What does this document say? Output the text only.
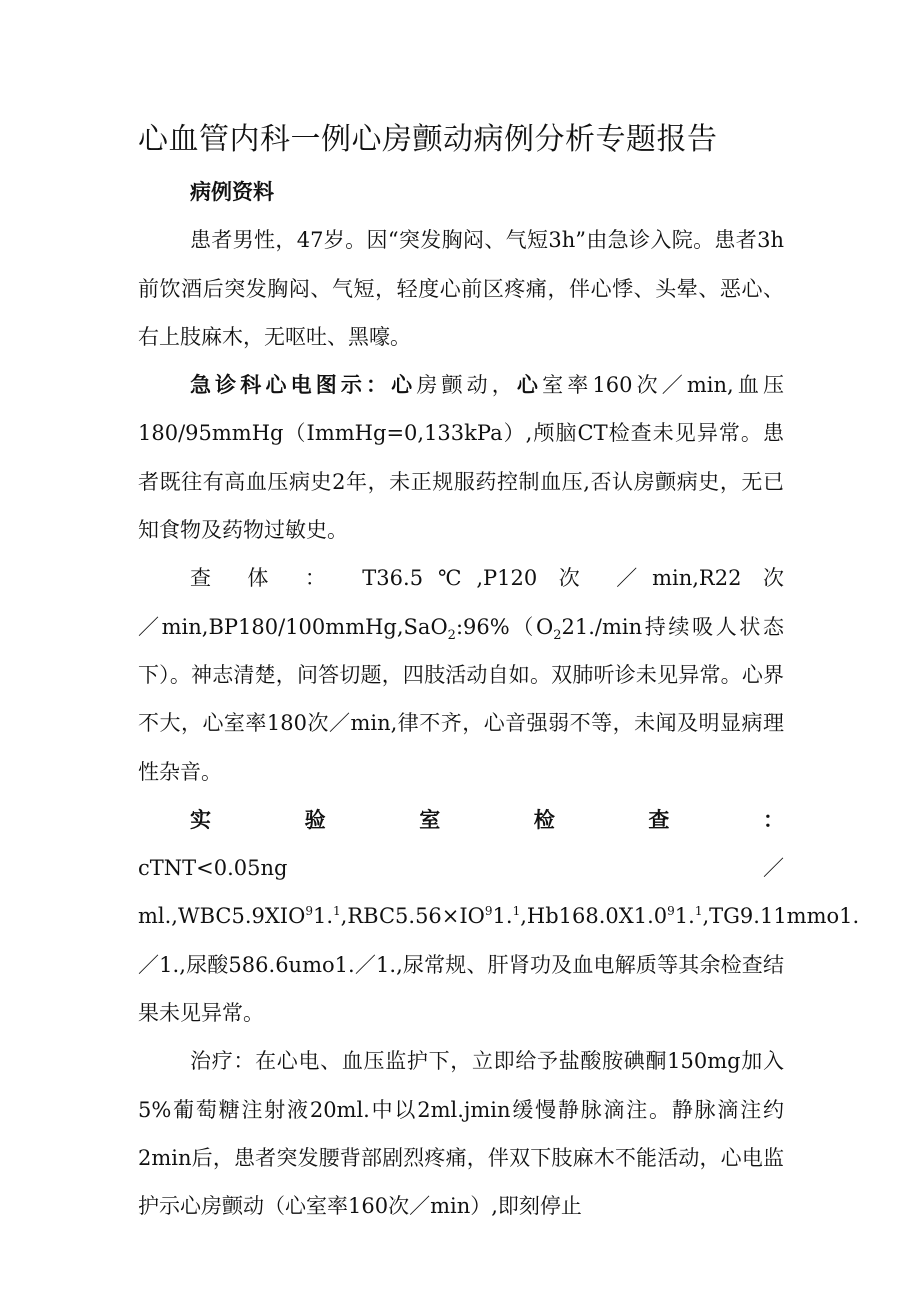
心血管内科一例心房颤动病例分析专题报告

病例资料

患者男性，47岁。因“突发胸闷、气短3h”由急诊入院。患者3h前饮酒后突发胸闷、气短，轻度心前区疼痛，伴心悸、头晕、恶心、右上肢麻木，无呕吐、黑嚎。

急诊科心电图示：心房颤动，心室率160次／min,血压180/95mmHg（ImmHg=0,133kPa）,颅脑CT检查未见异常。患者既往有高血压病史2年，未正规服药控制血压,否认房颤病史，无已知食物及药物过敏史。

查 体 ： T36.5℃,P120 次 ／min,R22 次

$/\min,BP180/100mmHg,SaO_2:96\%(O_221./\min$持续吸人状态

下）。神志清楚，问答切题，四肢活动自如。双肺听诊未见异常。心界不大，心室率180次／min,律不齐，心音强弱不等，未闻及明显病理性杂音。

实 验 室 检 查 ：

$cTNT<0.05ng/ml.,WBC5.9XIO^91.^1,RBC5.56\times IO^91.^1,Hb168.0X1.0^91.^1,TG9.11mmo1./1$.,尿酸586.6umo1.／1.,尿常规、肝肾功及血电解质等其余检查结果未见异常。

治疗：在心电、血压监护下，立即给予盐酸胺碘酮150mg加入5%葡萄糖注射液20ml.中以2ml.jmin缓慢静脉滴注。静脉滴注约2min后，患者突发腰背部剧烈疼痛，伴双下肢麻木不能活动，心电监护示心房颤动（心室率160次／min）,即刻停止
